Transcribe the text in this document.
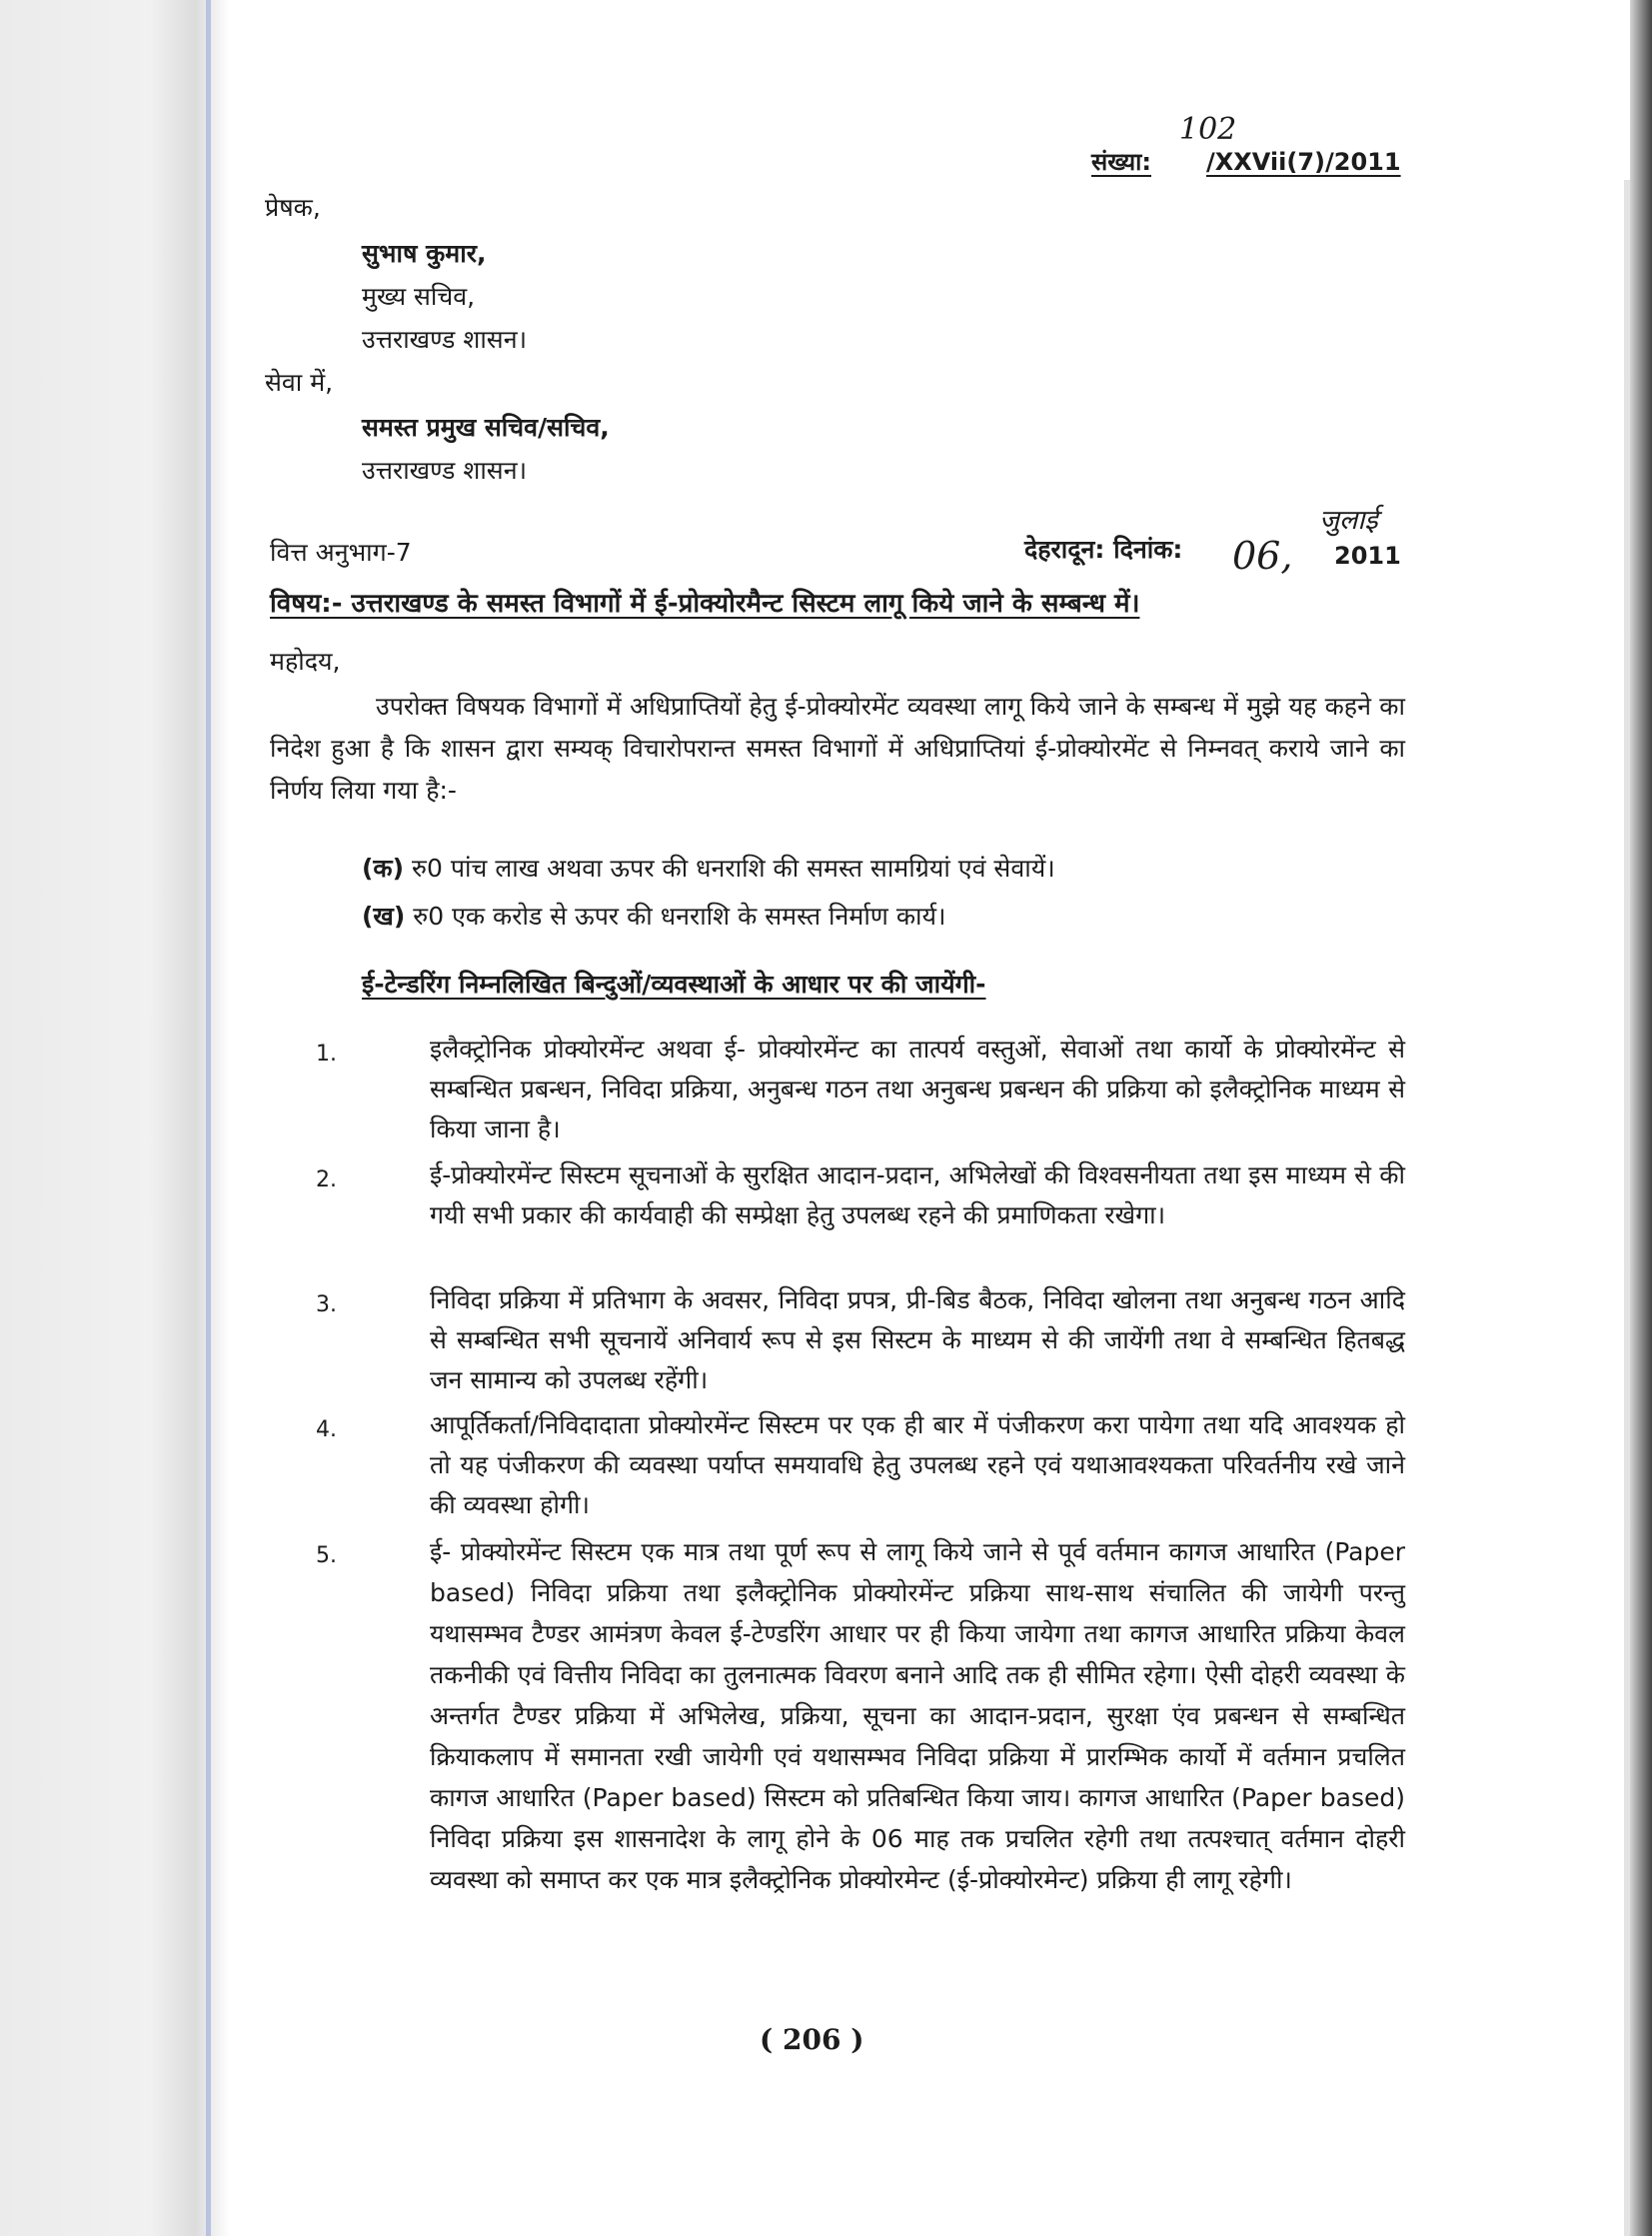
संख्या: /XXVii(7)/2011
102
प्रेषक,
सुभाष कुमार,
मुख्य सचिव,
उत्तराखण्ड शासन।
सेवा में,
समस्त प्रमुख सचिव/सचिव,
उत्तराखण्ड शासन।
वित्त अनुभाग-7	देहरादून: दिनांक: 06,
जुलाई
2011
विषय:- उत्तराखण्ड के समस्त विभागों में ई-प्रोक्योरमैन्ट सिस्टम लागू किये जाने के सम्बन्ध में।
महोदय,
उपरोक्त विषयक विभागों में अधिप्राप्तियों हेतु ई-प्रोक्योरमेंट व्यवस्था लागू किये जाने के सम्बन्ध में मुझे यह कहने का निदेश हुआ है कि शासन द्वारा सम्यक् विचारोपरान्त समस्त विभागों में अधिप्राप्तियां ई-प्रोक्योरमेंट से निम्नवत् कराये जाने का निर्णय लिया गया है:-
(क) रु0 पांच लाख अथवा ऊपर की धनराशि की समस्त सामग्रियां एवं सेवायें।
(ख) रु0 एक करोड से ऊपर की धनराशि के समस्त निर्माण कार्य।
ई-टेन्डरिंग निम्नलिखित बिन्दुओं/व्यवस्थाओं के आधार पर की जायेंगी-
1.	इलैक्ट्रोनिक प्रोक्योरमेंन्ट अथवा ई- प्रोक्योरमेंन्ट का तात्पर्य वस्तुओं, सेवाओं तथा कार्यो के प्रोक्योरमेंन्ट से सम्बन्धित प्रबन्धन, निविदा प्रक्रिया, अनुबन्ध गठन तथा अनुबन्ध प्रबन्धन की प्रक्रिया को इलैक्ट्रोनिक माध्यम से किया जाना है।
2.	ई-प्रोक्योरमेंन्ट सिस्टम सूचनाओं के सुरक्षित आदान-प्रदान, अभिलेखों की विश्वसनीयता तथा इस माध्यम से की गयी सभी प्रकार की कार्यवाही की सम्प्रेक्षा हेतु उपलब्ध रहने की प्रमाणिकता रखेगा।
3.	निविदा प्रक्रिया में प्रतिभाग के अवसर, निविदा प्रपत्र, प्री-बिड बैठक, निविदा खोलना तथा अनुबन्ध गठन आदि से सम्बन्धित सभी सूचनायें अनिवार्य रूप से इस सिस्टम के माध्यम से की जायेंगी तथा वे सम्बन्धित हितबद्ध जन सामान्य को उपलब्ध रहेंगी।
4.	आपूर्तिकर्ता/निविदादाता प्रोक्योरमेंन्ट सिस्टम पर एक ही बार में पंजीकरण करा पायेगा तथा यदि आवश्यक हो तो यह पंजीकरण की व्यवस्था पर्याप्त समयावधि हेतु उपलब्ध रहने एवं यथाआवश्यकता परिवर्तनीय रखे जाने की व्यवस्था होगी।
5.	ई- प्रोक्योरमेंन्ट सिस्टम एक मात्र तथा पूर्ण रूप से लागू किये जाने से पूर्व वर्तमान कागज आधारित (Paper based) निविदा प्रक्रिया तथा इलैक्ट्रोनिक प्रोक्योरमेंन्ट प्रक्रिया साथ-साथ संचालित की जायेगी परन्तु यथासम्भव टैण्डर आमंत्रण केवल ई-टेण्डरिंग आधार पर ही किया जायेगा तथा कागज आधारित प्रक्रिया केवल तकनीकी एवं वित्तीय निविदा का तुलनात्मक विवरण बनाने आदि तक ही सीमित रहेगा। ऐसी दोहरी व्यवस्था के अन्तर्गत टैण्डर प्रक्रिया में अभिलेख, प्रक्रिया, सूचना का आदान-प्रदान, सुरक्षा एंव प्रबन्धन से सम्बन्धित क्रियाकलाप में समानता रखी जायेगी एवं यथासम्भव निविदा प्रक्रिया में प्रारम्भिक कार्यो में वर्तमान प्रचलित कागज आधारित (Paper based) सिस्टम को प्रतिबन्धित किया जाय। कागज आधारित (Paper based) निविदा प्रक्रिया इस शासनादेश के लागू होने के 06 माह तक प्रचलित रहेगी तथा तत्पश्चात् वर्तमान दोहरी व्यवस्था को समाप्त कर एक मात्र इलैक्ट्रोनिक प्रोक्योरमेन्ट (ई-प्रोक्योरमेन्ट) प्रक्रिया ही लागू रहेगी।
( 206 )
